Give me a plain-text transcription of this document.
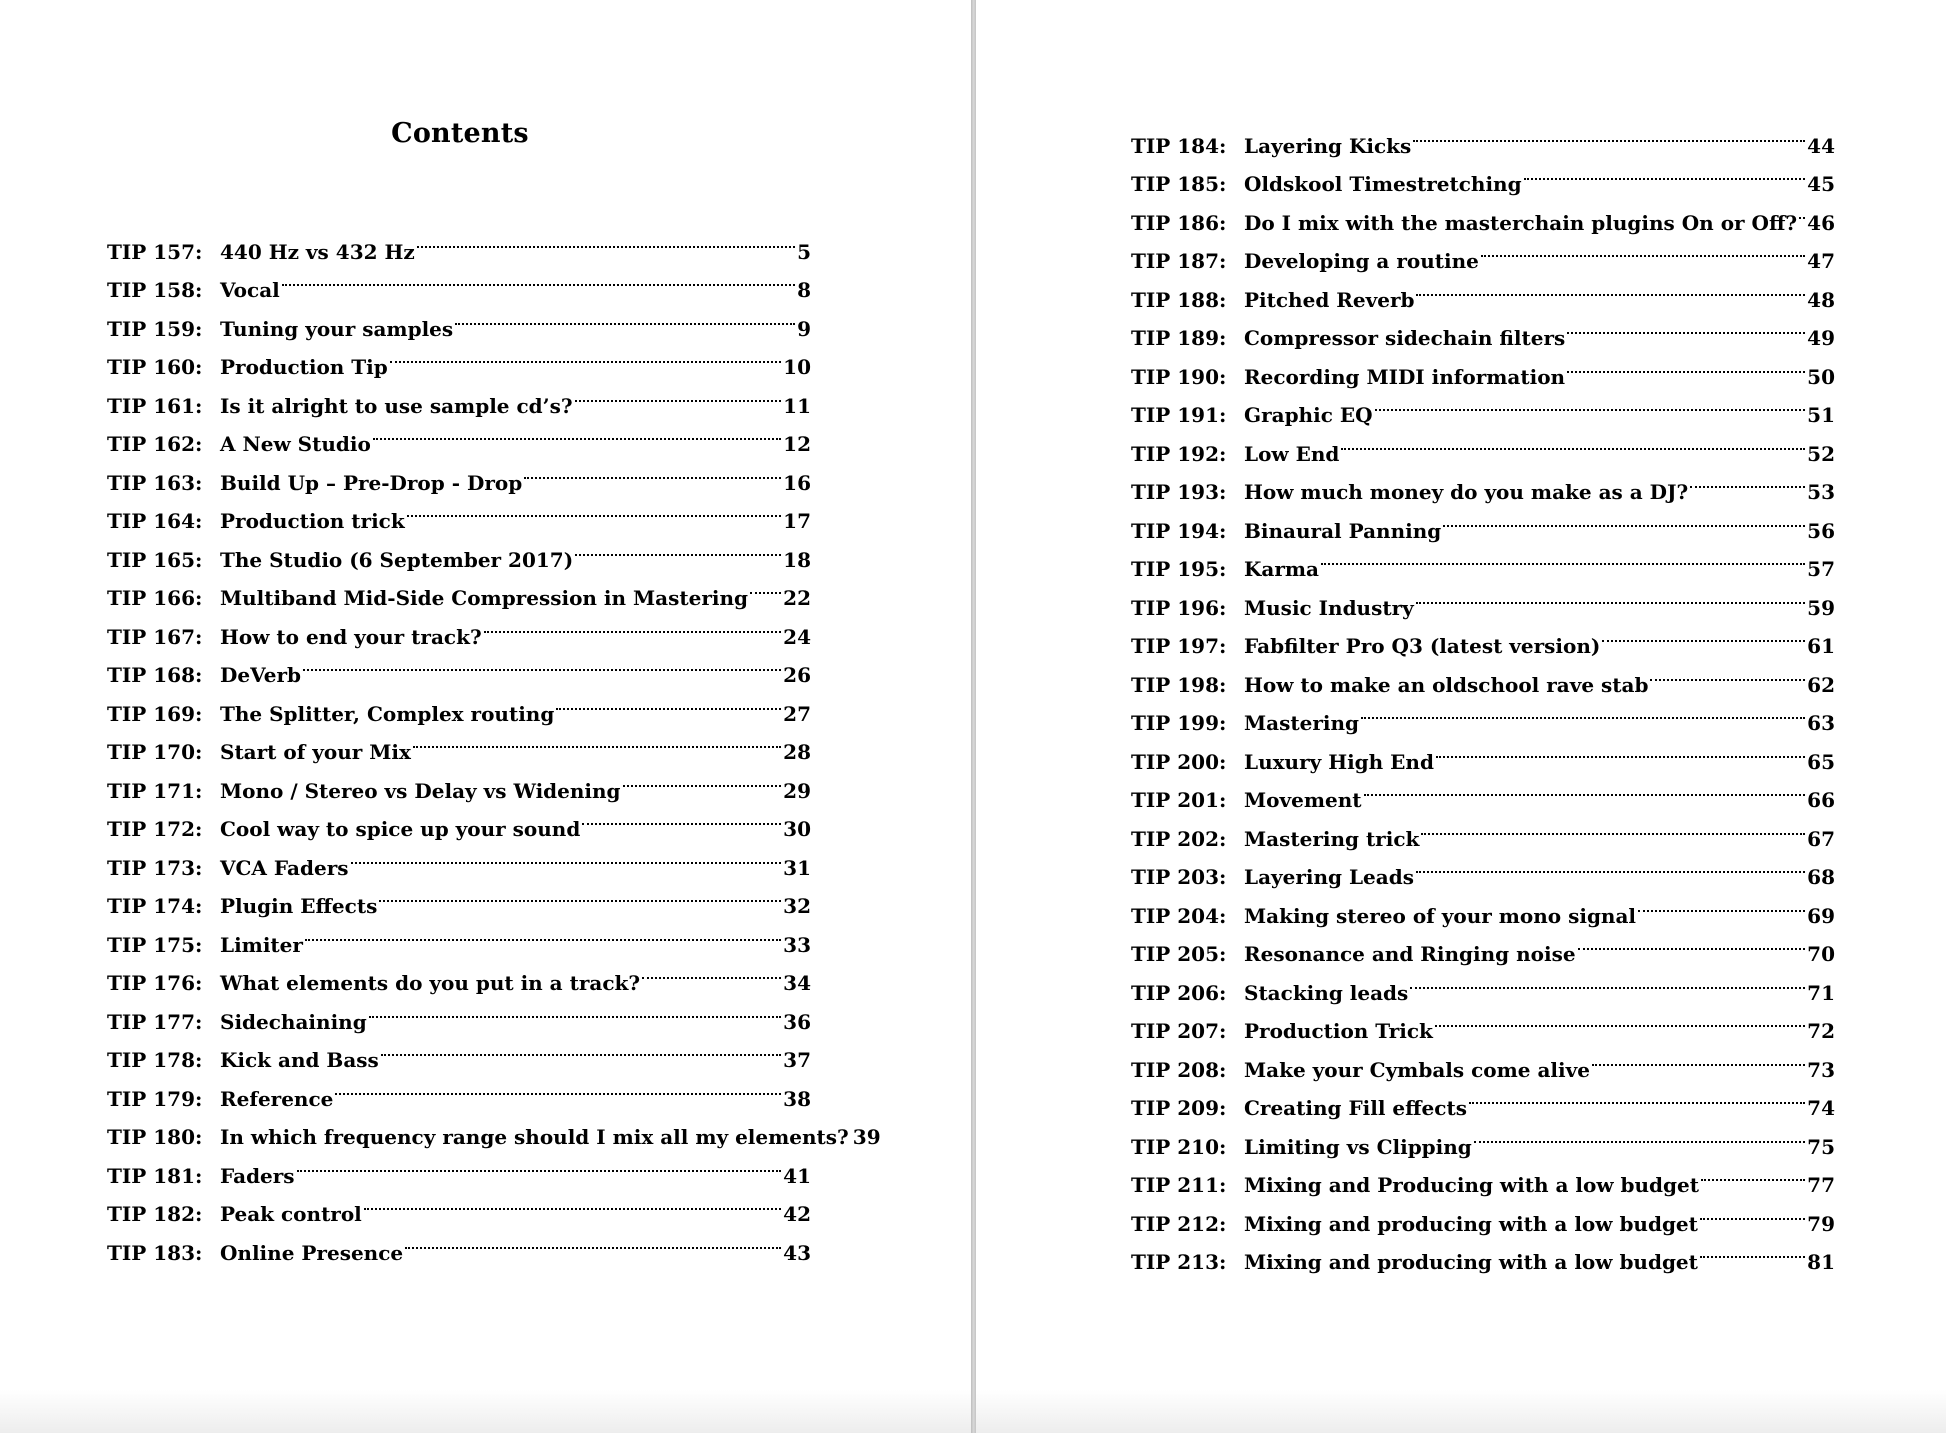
Contents
TIP 157: 440 Hz vs 432 Hz	5
TIP 158: Vocal	8
TIP 159: Tuning your samples	9
TIP 160: Production Tip	10
TIP 161: Is it alright to use sample cd’s?	11
TIP 162: A New Studio	12
TIP 163: Build Up – Pre-Drop - Drop	16
TIP 164: Production trick	17
TIP 165: The Studio (6 September 2017)	18
TIP 166: Multiband Mid-Side Compression in Mastering 22
TIP 167: How to end your track?	24
TIP 168: DeVerb	26
TIP 169: The Splitter, Complex routing	27
TIP 170: Start of your Mix	28
TIP 171: Mono / Stereo vs Delay vs Widening	29
TIP 172: Cool way to spice up your sound	30
TIP 173: VCA Faders	31
TIP 174: Plugin Effects	32
TIP 175: Limiter	33
TIP 176: What elements do you put in a track?	34
TIP 177: Sidechaining	36
TIP 178: Kick and Bass	37
TIP 179: Reference	38
TIP 180: In which frequency range should I mix all my elements? 39
TIP 181: Faders	41
TIP 182: Peak control	42
TIP 183: Online Presence	43
TIP 184: Layering Kicks	44
TIP 185: Oldskool Timestretching	45
TIP 186: Do I mix with the masterchain plugins On or Off? 46
TIP 187: Developing a routine	47
TIP 188: Pitched Reverb	48
TIP 189: Compressor sidechain filters	49
TIP 190: Recording MIDI information	50
TIP 191: Graphic EQ	51
TIP 192: Low End	52
TIP 193: How much money do you make as a DJ?	53
TIP 194: Binaural Panning	56
TIP 195: Karma	57
TIP 196: Music Industry	59
TIP 197: Fabfilter Pro Q3 (latest version)	61
TIP 198: How to make an oldschool rave stab	62
TIP 199: Mastering	63
TIP 200: Luxury High End	65
TIP 201: Movement	66
TIP 202: Mastering trick	67
TIP 203: Layering Leads	68
TIP 204: Making stereo of your mono signal	69
TIP 205: Resonance and Ringing noise	70
TIP 206: Stacking leads	71
TIP 207: Production Trick	72
TIP 208: Make your Cymbals come alive	73
TIP 209: Creating Fill effects	74
TIP 210: Limiting vs Clipping	75
TIP 211: Mixing and Producing with a low budget	77
TIP 212: Mixing and producing with a low budget	79
TIP 213: Mixing and producing with a low budget	81
